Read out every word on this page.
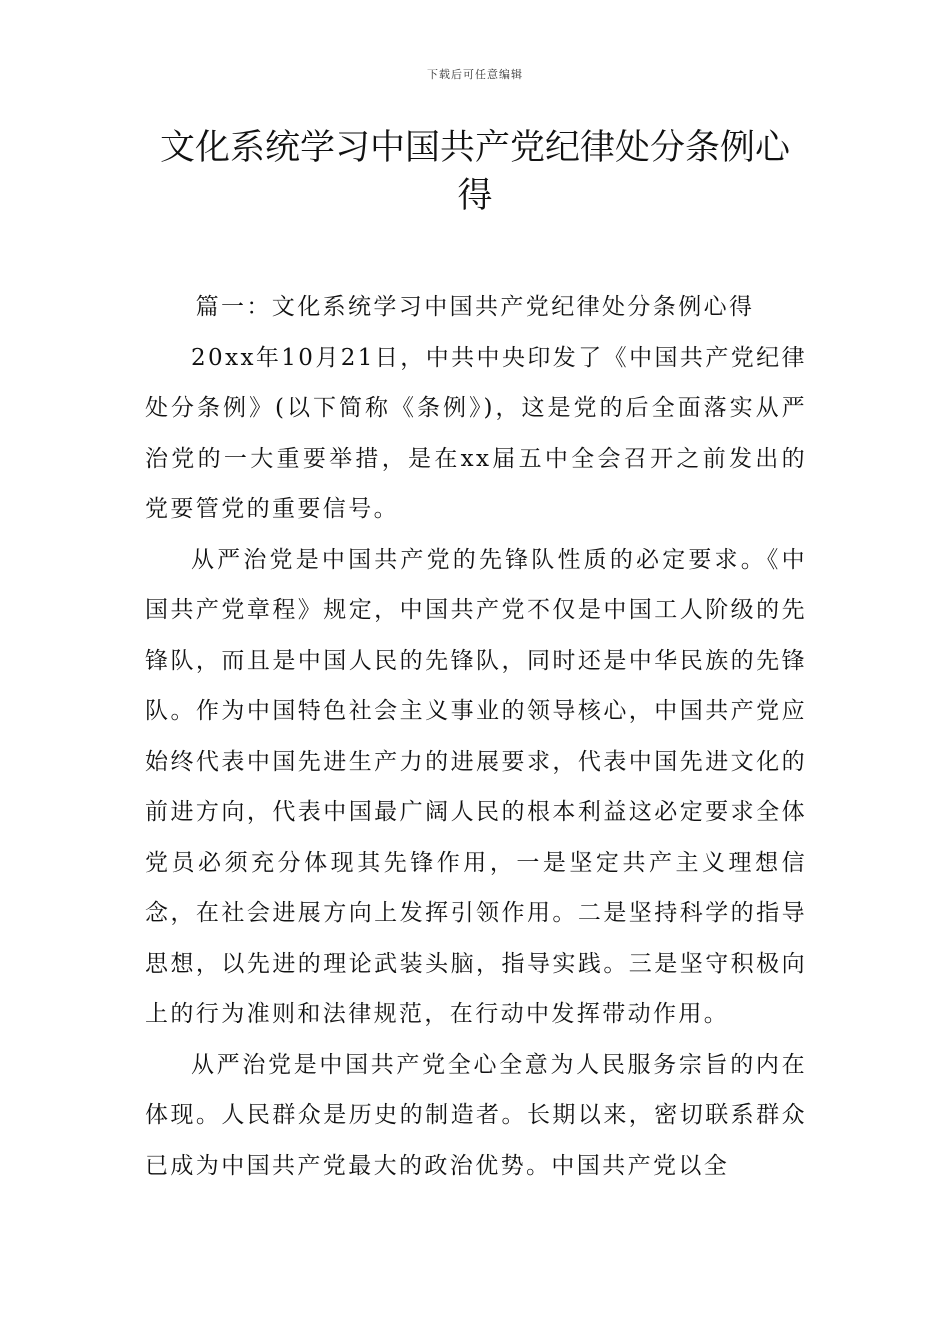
下载后可任意编辑
文化系统学习中国共产党纪律处分条例心得

篇一：文化系统学习中国共产党纪律处分条例心得

20xx年10月21日，中共中央印发了《中国共产党纪律处分条例》(以下简称《条例》)，这是党的后全面落实从严治党的一大重要举措，是在xx届五中全会召开之前发出的党要管党的重要信号。

从严治党是中国共产党的先锋队性质的必定要求。《中国共产党章程》规定，中国共产党不仅是中国工人阶级的先锋队，而且是中国人民的先锋队，同时还是中华民族的先锋队。作为中国特色社会主义事业的领导核心，中国共产党应始终代表中国先进生产力的进展要求，代表中国先进文化的前进方向，代表中国最广阔人民的根本利益这必定要求全体党员必须充分体现其先锋作用，一是坚定共产主义理想信念，在社会进展方向上发挥引领作用。二是坚持科学的指导思想，以先进的理论武装头脑，指导实践。三是坚守积极向上的行为准则和法律规范，在行动中发挥带动作用。

从严治党是中国共产党全心全意为人民服务宗旨的内在体现。人民群众是历史的制造者。长期以来，密切联系群众已成为中国共产党最大的政治优势。中国共产党以全
